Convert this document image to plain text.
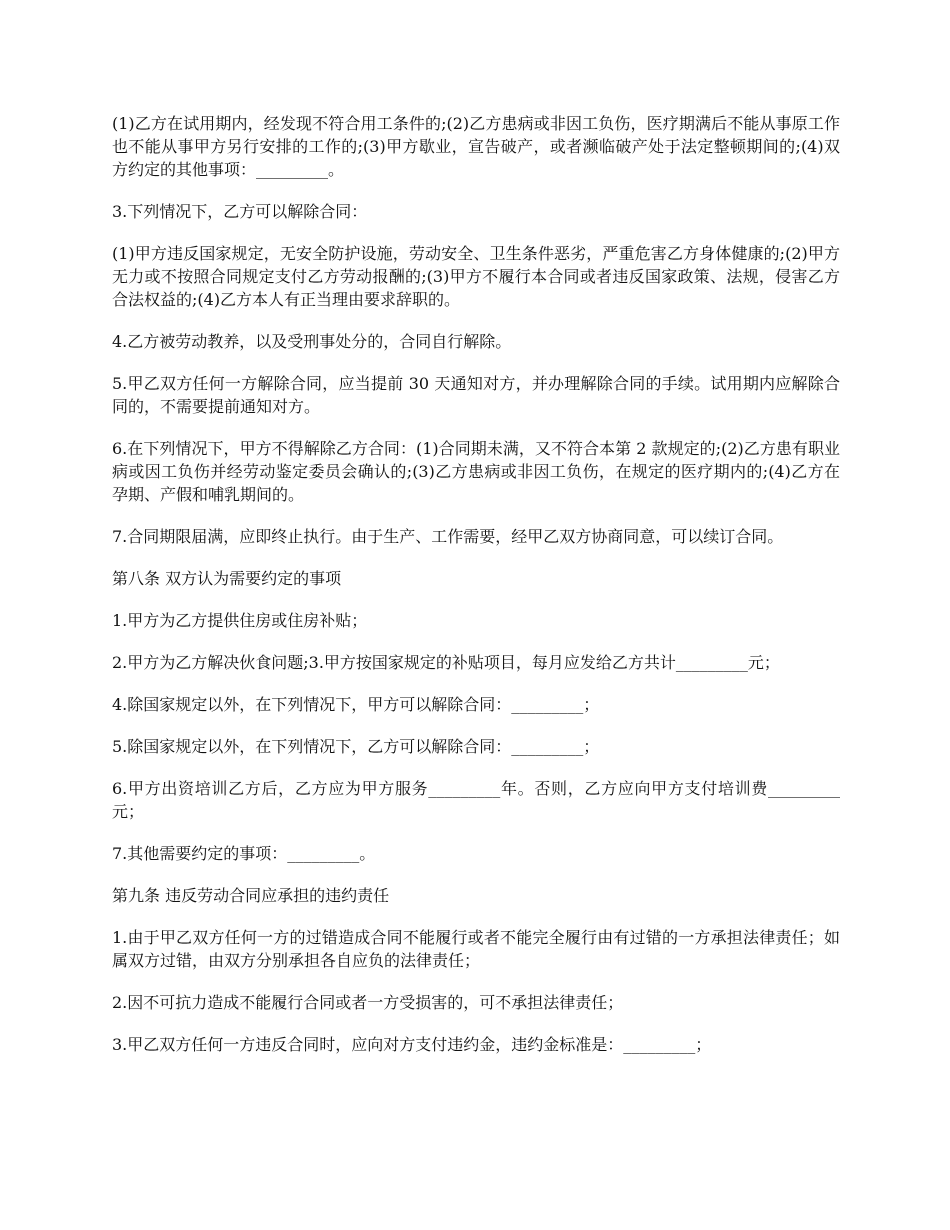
(1)乙方在试用期内，经发现不符合用工条件的;(2)乙方患病或非因工负伤，医疗期满后不能从事原工作也不能从事甲方另行安排的工作的;(3)甲方歇业，宣告破产，或者濒临破产处于法定整顿期间的;(4)双方约定的其他事项：_________。

3.下列情况下，乙方可以解除合同：

(1)甲方违反国家规定，无安全防护设施，劳动安全、卫生条件恶劣，严重危害乙方身体健康的;(2)甲方无力或不按照合同规定支付乙方劳动报酬的;(3)甲方不履行本合同或者违反国家政策、法规，侵害乙方合法权益的;(4)乙方本人有正当理由要求辞职的。

4.乙方被劳动教养，以及受刑事处分的，合同自行解除。

5.甲乙双方任何一方解除合同，应当提前 30 天通知对方，并办理解除合同的手续。试用期内应解除合同的，不需要提前通知对方。

6.在下列情况下，甲方不得解除乙方合同：(1)合同期未满，又不符合本第 2 款规定的;(2)乙方患有职业病或因工负伤并经劳动鉴定委员会确认的;(3)乙方患病或非因工负伤，在规定的医疗期内的;(4)乙方在孕期、产假和哺乳期间的。

7.合同期限届满，应即终止执行。由于生产、工作需要，经甲乙双方协商同意，可以续订合同。

第八条 双方认为需要约定的事项

1.甲方为乙方提供住房或住房补贴；

2.甲方为乙方解决伙食问题;3.甲方按国家规定的补贴项目，每月应发给乙方共计_________元；

4.除国家规定以外，在下列情况下，甲方可以解除合同：_________；

5.除国家规定以外，在下列情况下，乙方可以解除合同：_________；

6.甲方出资培训乙方后，乙方应为甲方服务_________年。否则，乙方应向甲方支付培训费_________元；

7.其他需要约定的事项：_________。

第九条 违反劳动合同应承担的违约责任

1.由于甲乙双方任何一方的过错造成合同不能履行或者不能完全履行由有过错的一方承担法律责任；如属双方过错，由双方分别承担各自应负的法律责任；

2.因不可抗力造成不能履行合同或者一方受损害的，可不承担法律责任；

3.甲乙双方任何一方违反合同时，应向对方支付违约金，违约金标准是：_________；
